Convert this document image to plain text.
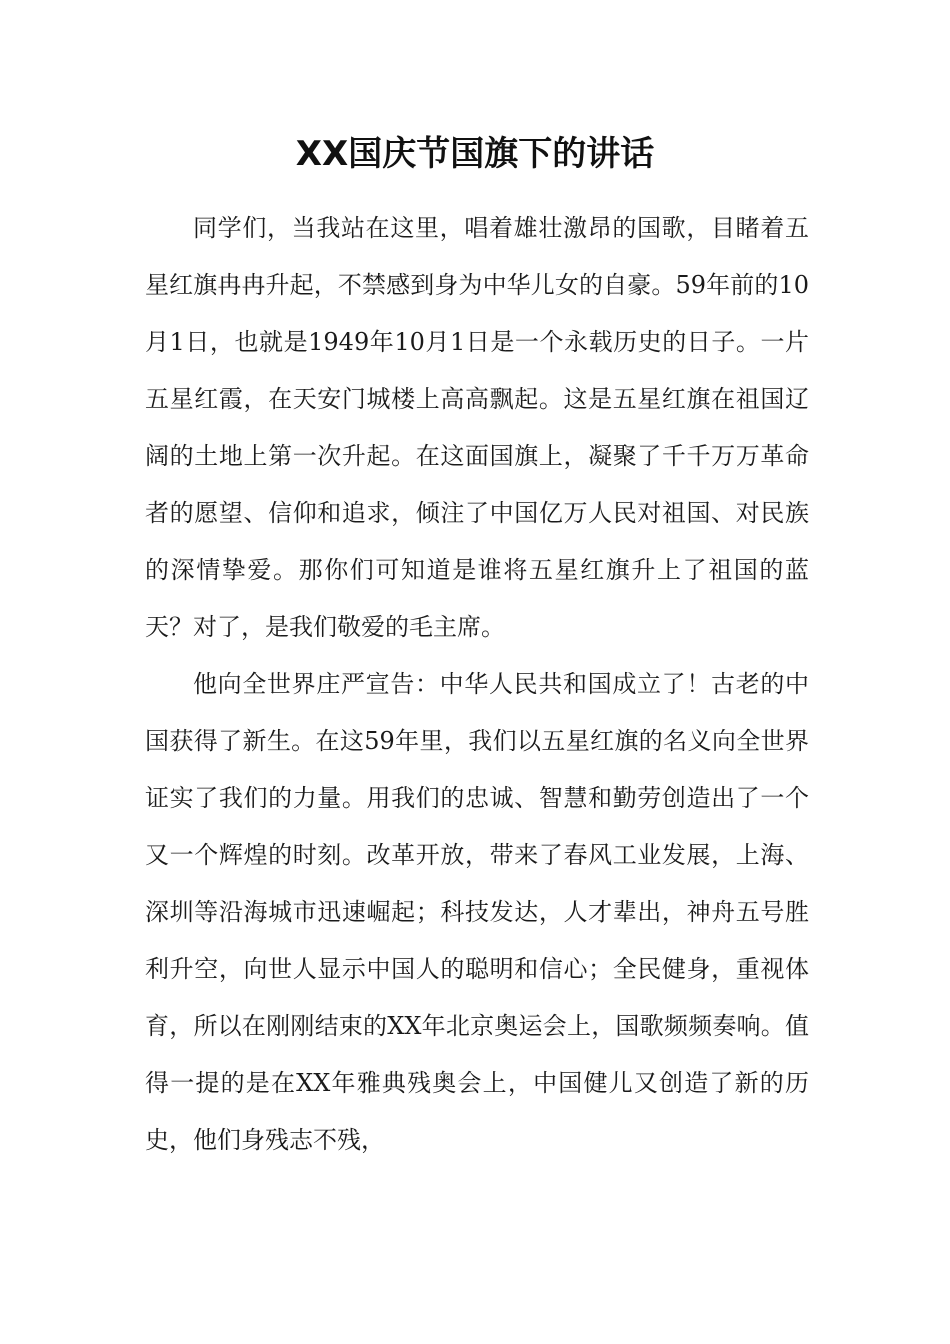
XX国庆节国旗下的讲话

同学们，当我站在这里，唱着雄壮激昂的国歌，目睹着五星红旗冉冉升起，不禁感到身为中华儿女的自豪。59年前的10月1日，也就是1949年10月1日是一个永载历史的日子。一片五星红霞，在天安门城楼上高高飘起。这是五星红旗在祖国辽阔的土地上第一次升起。在这面国旗上，凝聚了千千万万革命者的愿望、信仰和追求，倾注了中国亿万人民对祖国、对民族的深情挚爱。那你们可知道是谁将五星红旗升上了祖国的蓝天？对了，是我们敬爱的毛主席。

他向全世界庄严宣告：中华人民共和国成立了！古老的中国获得了新生。在这59年里，我们以五星红旗的名义向全世界证实了我们的力量。用我们的忠诚、智慧和勤劳创造出了一个又一个辉煌的时刻。改革开放，带来了春风工业发展，上海、深圳等沿海城市迅速崛起；科技发达，人才辈出，神舟五号胜利升空，向世人显示中国人的聪明和信心；全民健身，重视体育，所以在刚刚结束的XX年北京奥运会上，国歌频频奏响。值得一提的是在XX年雅典残奥会上，中国健儿又创造了新的历史，他们身残志不残，
